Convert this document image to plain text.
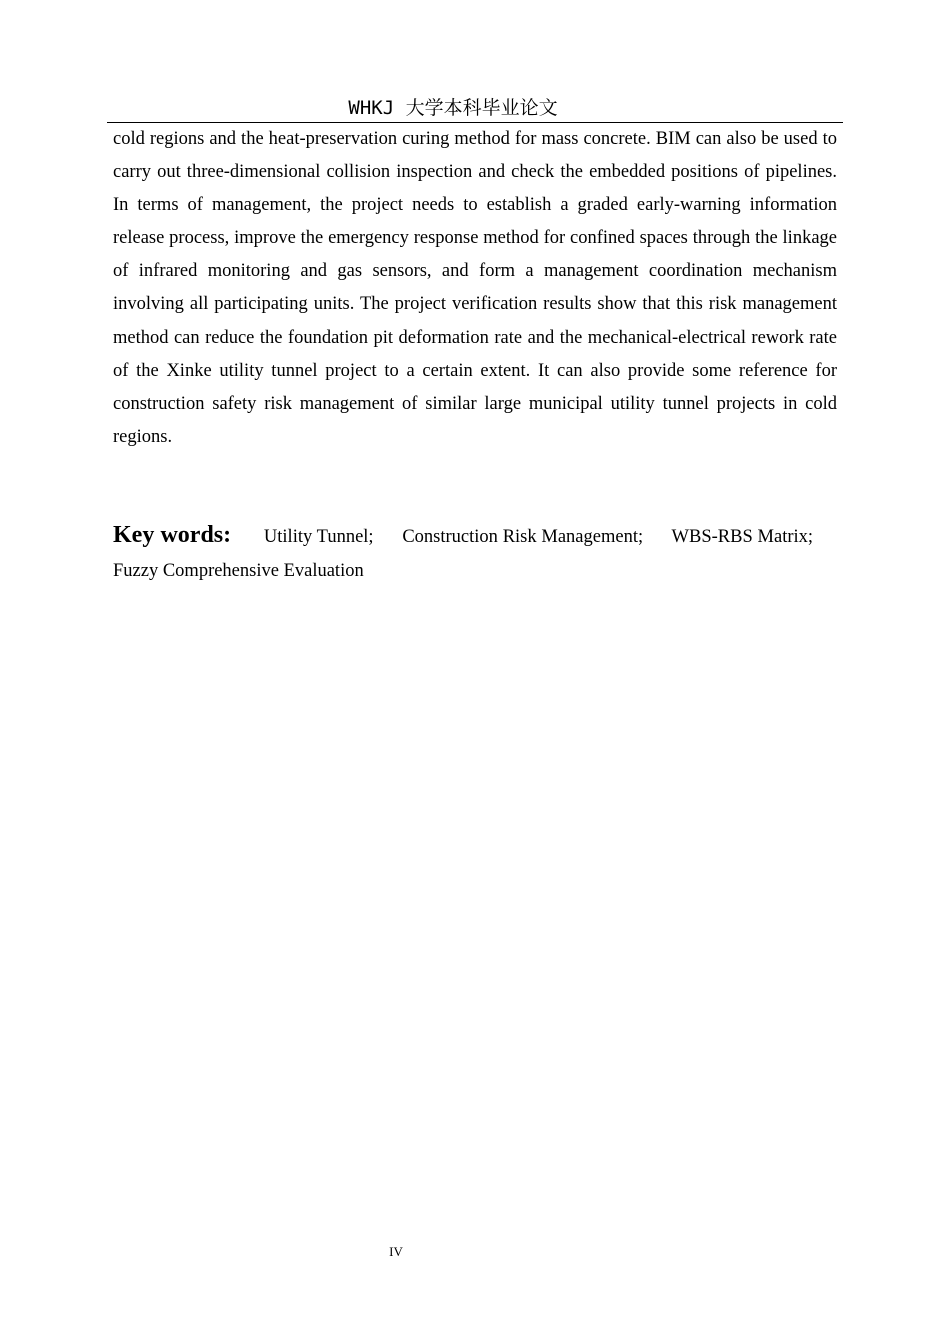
WHKJ 大学本科毕业论文

cold regions and the heat-preservation curing method for mass concrete. BIM can also be used to carry out three-dimensional collision inspection and check the embedded positions of pipelines. In terms of management, the project needs to establish a graded early-warning information release process, improve the emergency response method for confined spaces through the linkage of infrared monitoring and gas sensors, and form a management coordination mechanism involving all participating units. The project verification results show that this risk management method can reduce the foundation pit deformation rate and the mechanical-electrical rework rate of the Xinke utility tunnel project to a certain extent. It can also provide some reference for construction safety risk management of similar large municipal utility tunnel projects in cold regions.

Key words: Utility Tunnel; Construction Risk Management; WBS-RBS Matrix; Fuzzy Comprehensive Evaluation

IV
